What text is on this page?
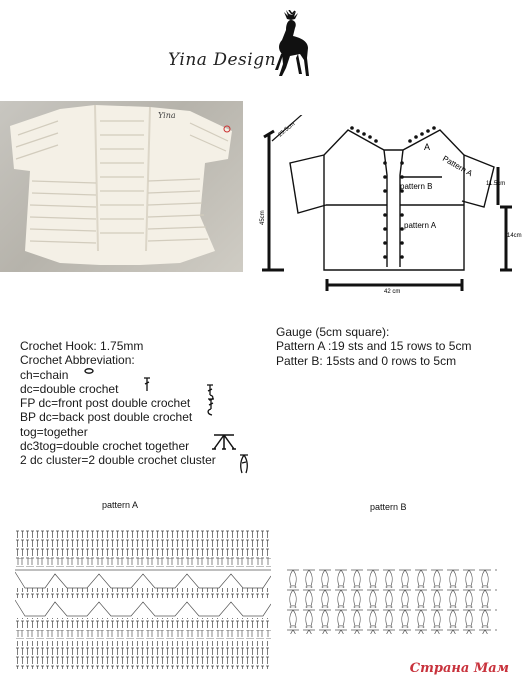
Yina Design
Yina
25.5cm
45cm
11.5cm
14cm
42 cm
A
Pattern A
pattern B
pattern A
Gauge (5cm square):
Pattern A :19 sts and 15 rows to 5cm
Patter B: 15sts and 0 rows to 5cm
Crochet Hook: 1.75mm
Crochet Abbreviation:
ch=chain
dc=double crochet
FP dc=front post double crochet
BP dc=back post double crochet
tog=together
dc3tog=double crochet together
2 dc cluster=2 double crochet cluster
pattern A	pattern B
Страна Мам
